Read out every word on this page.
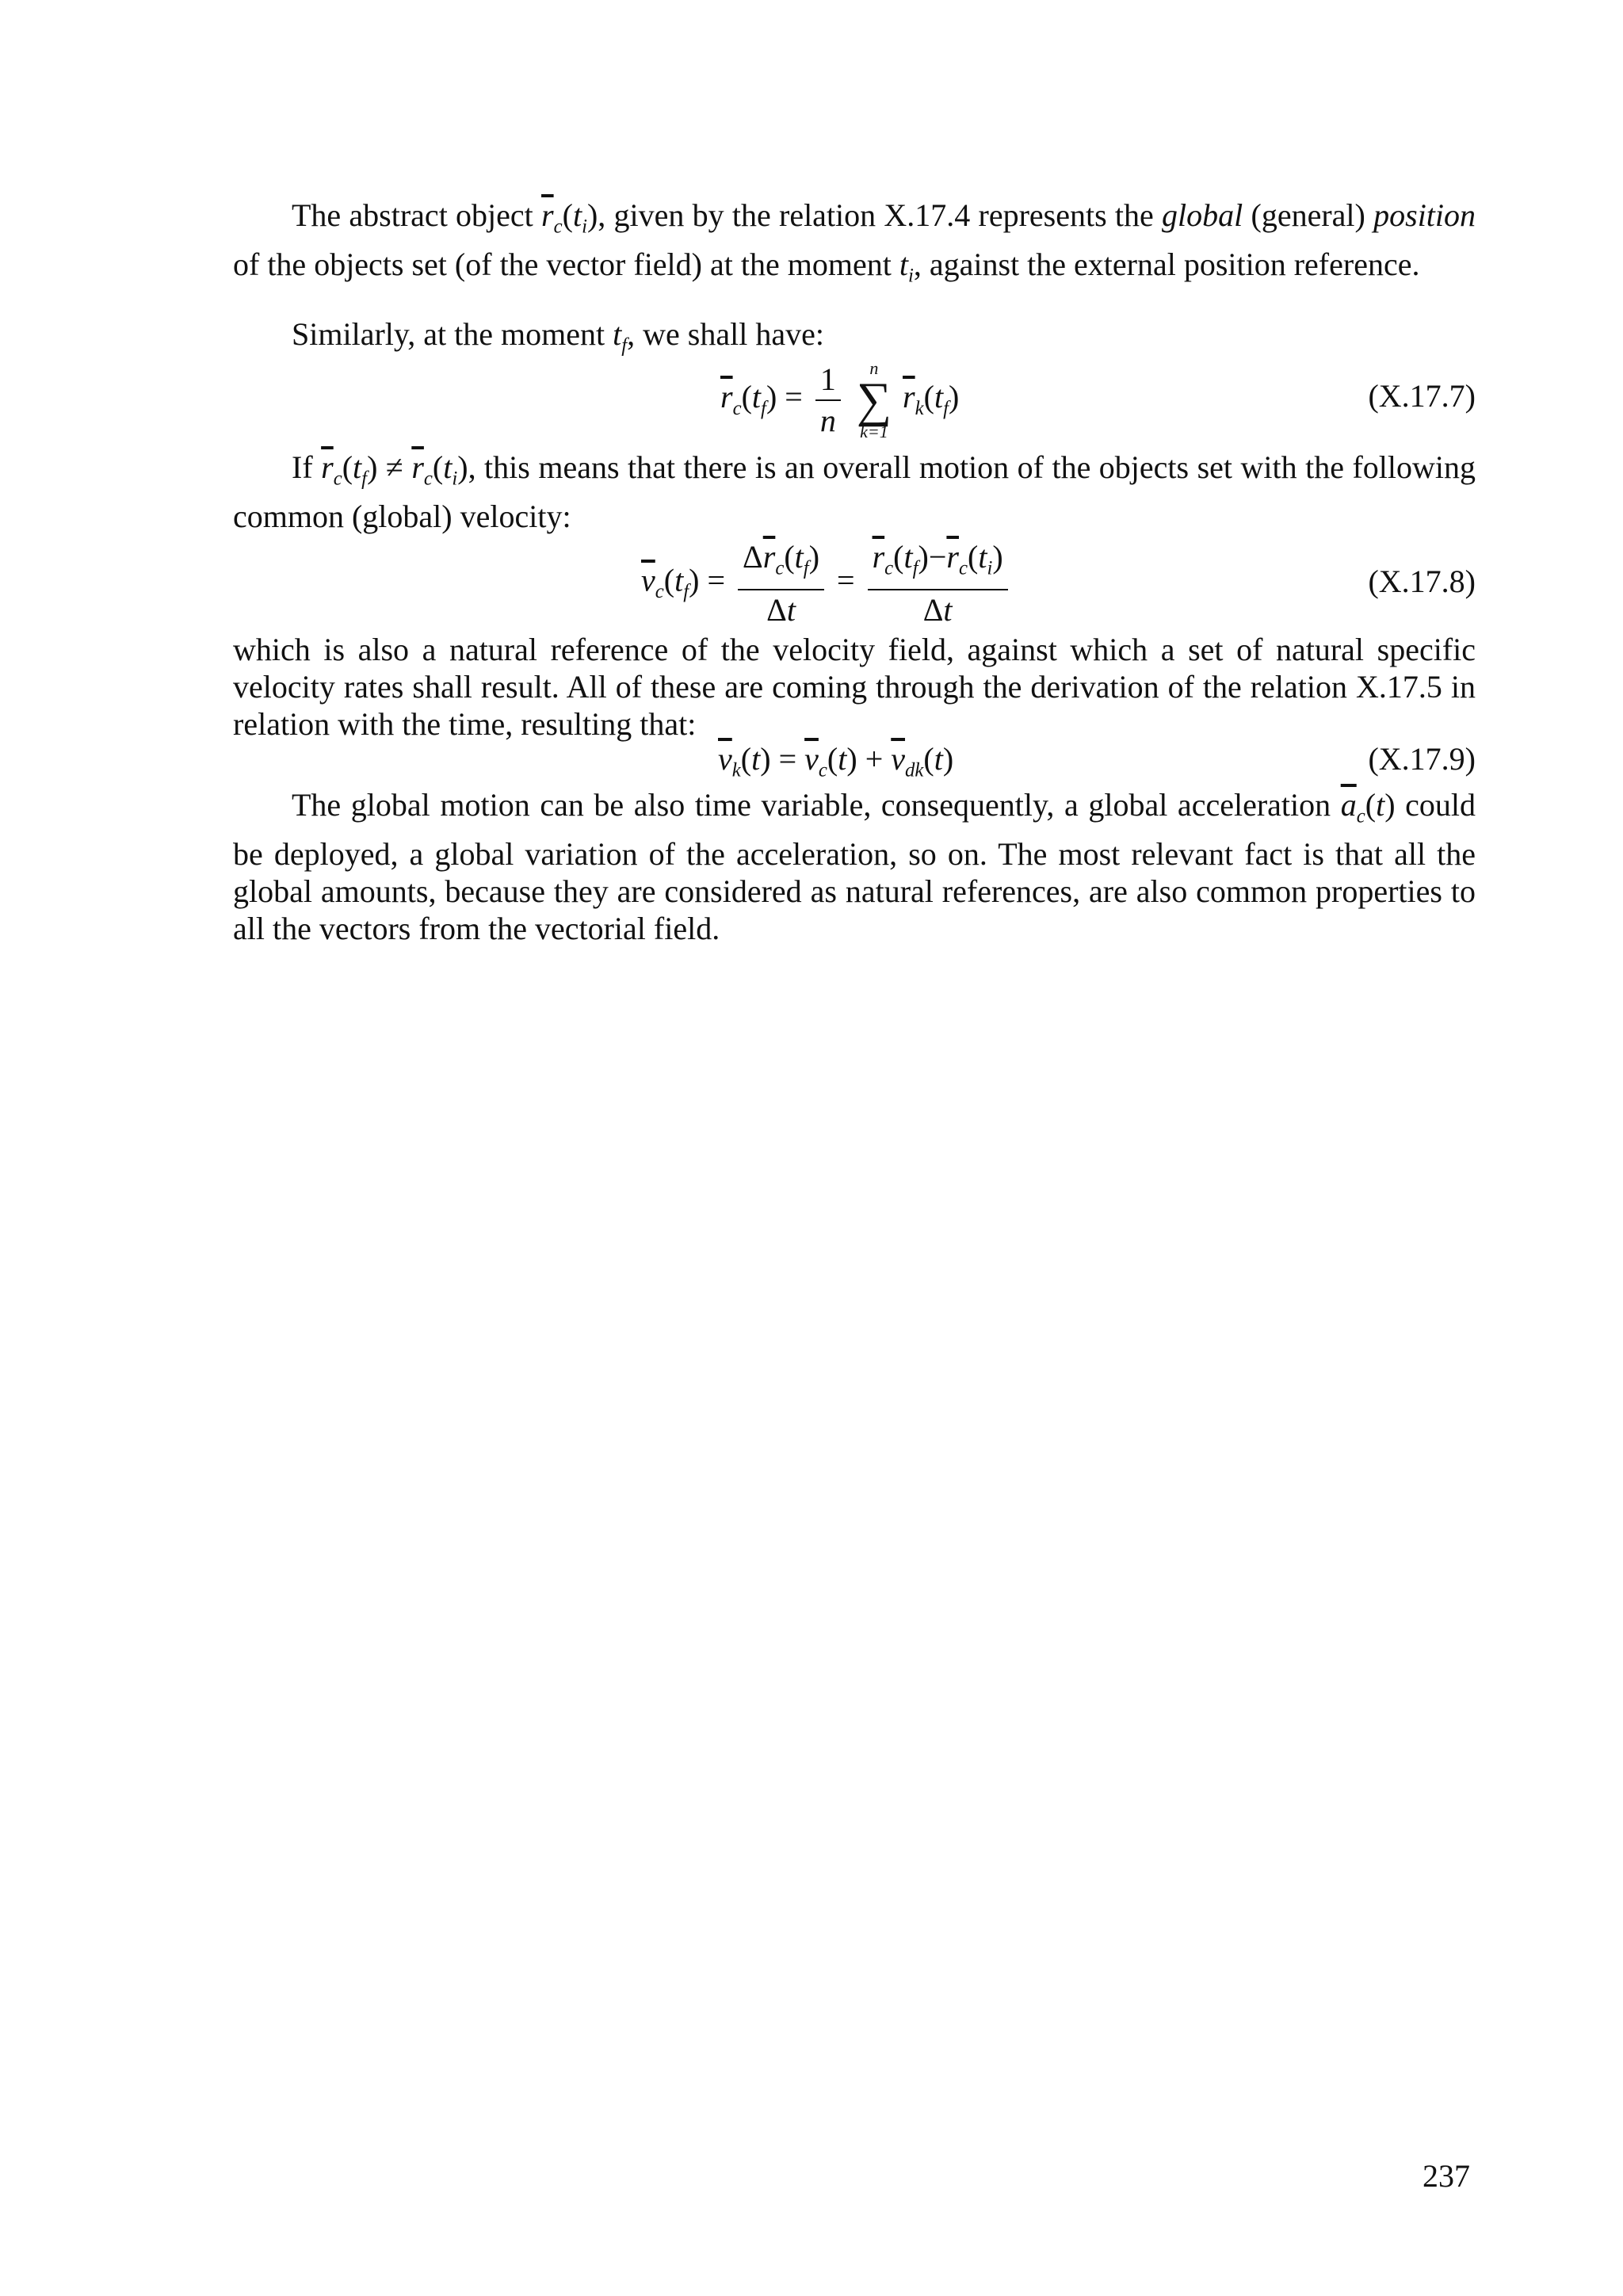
The abstract object $\overline{r}_c(t_i)$, given by the relation X.17.4 represents the global (general) position of the objects set (of the vector field) at the moment $t_i$, against the external position reference.

Similarly, at the moment $t_f$, we shall have:

$\overline{r}_c(t_f) = \frac{1}{n}$
n
∑
k=1
$\overline{r}_k(t_f)$	(X.17.7)

If $\overline{r}_c(t_f) \ne \overline{r}_c(t_i)$, this means that there is an overall motion of the objects set with the following common (global) velocity:

$\overline{v}_c(t_f) = \frac{\Delta\overline{r}_c(t_f)}{\Delta t} = \frac{\overline{r}_c(t_f)-\overline{r}_c(t_i)}{\Delta t}$	(X.17.8)

which is also a natural reference of the velocity field, against which a set of natural specific velocity rates shall result. All of these are coming through the derivation of the relation X.17.5 in relation with the time, resulting that:

$\overline{v}_k(t) = \overline{v}_c(t) + \overline{v}_{dk}(t)$	(X.17.9)

The global motion can be also time variable, consequently, a global acceleration $\overline{a}_c(t)$ could be deployed, a global variation of the acceleration, so on. The most relevant fact is that all the global amounts, because they are considered as natural references, are also common properties to all the vectors from the vectorial field.

237
